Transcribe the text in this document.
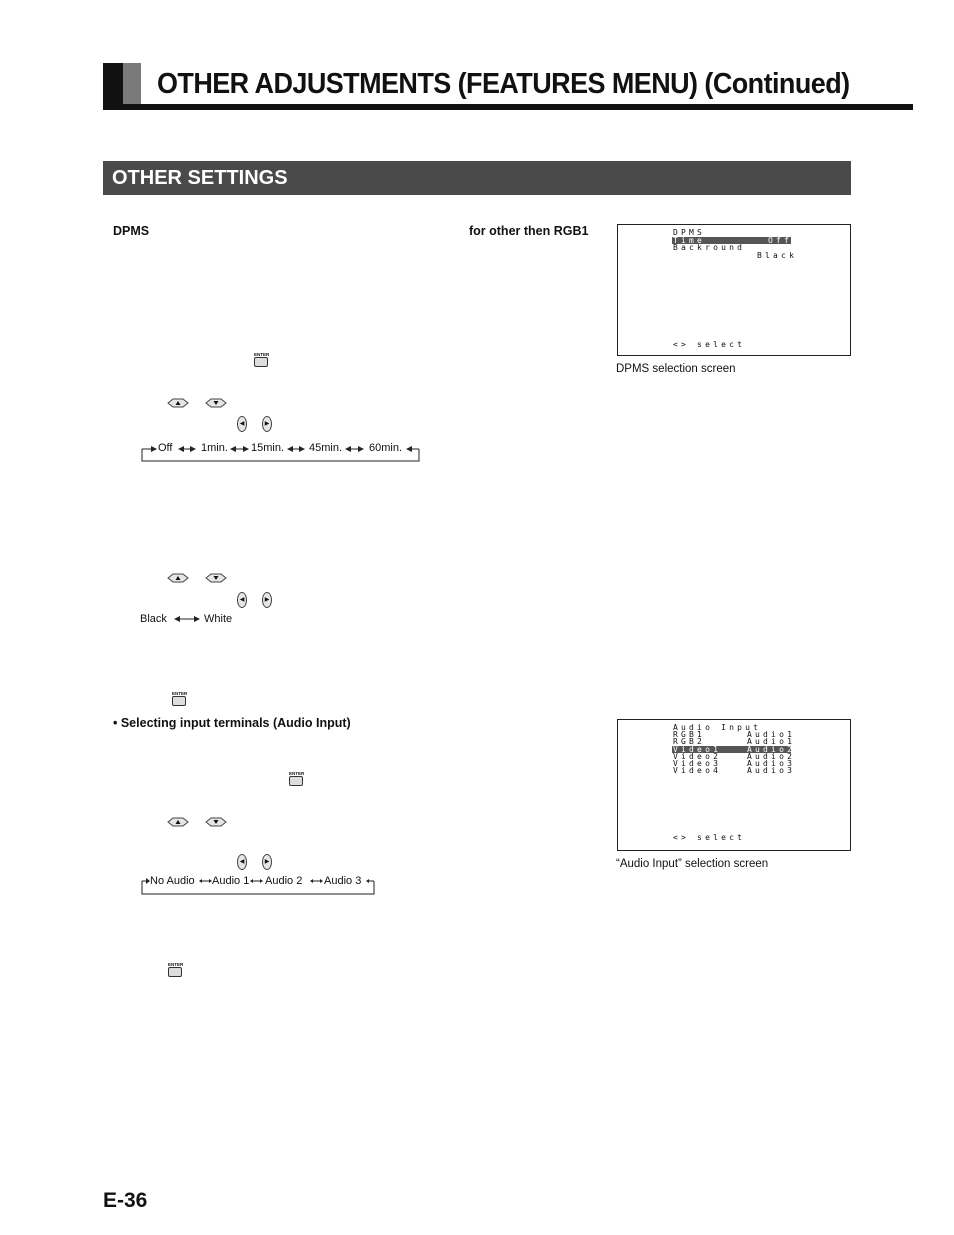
OTHER ADJUSTMENTS (FEATURES MENU) (Continued)
OTHER SETTINGS
DPMS	for other then RGB1	DPMS
Time	Off
Backround
Black
<> select
DPMS selection screen
ENTER
◀	▶
Off	1min. 15min. 45min. 60min.
◀	▶
Black	White
ENTER
• Selecting input terminals (Audio Input)	Audio Input
RGB1	Audio1
RGB2	Audio1
Video1	Audio2
Video2	Audio2
Video3	Audio3
Video4	Audio3
<> select
“Audio Input” selection screen
ENTER
◀	▶
No Audio Audio 1 Audio 2 Audio 3
ENTER
E-36
